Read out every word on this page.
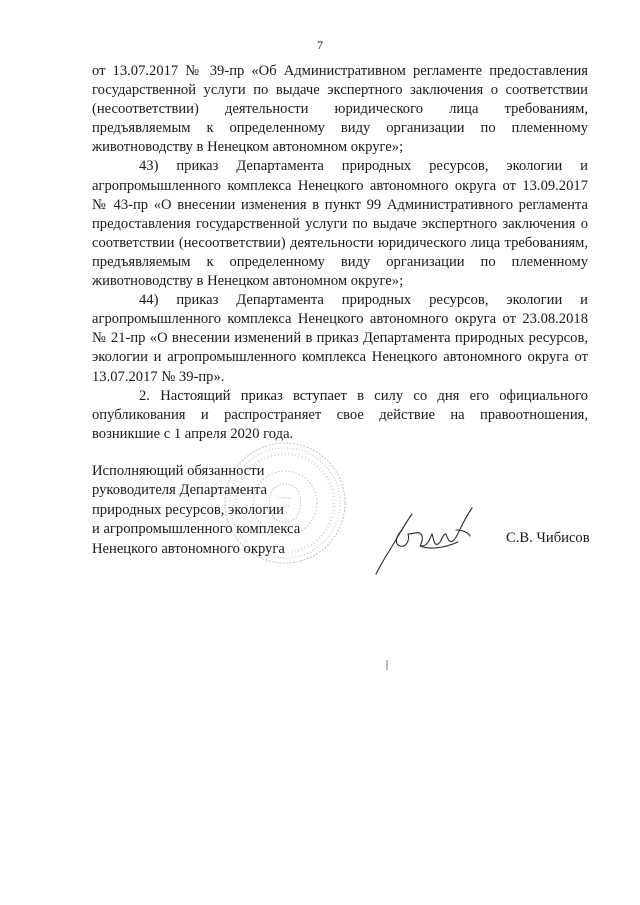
7

от 13.07.2017 № 39-пр «Об Административном регламенте предоставления государственной услуги по выдаче экспертного заключения о соответствии (несоответствии) деятельности юридического лица требованиям, предъявляемым к определенному виду организации по племенному животноводству в Ненецком автономном округе»;

43) приказ Департамента природных ресурсов, экологии и агропромышленного комплекса Ненецкого автономного округа от 13.09.2017 № 43-пр «О внесении изменения в пункт 99 Административного регламента предоставления государственной услуги по выдаче экспертного заключения о соответствии (несоответствии) деятельности юридического лица требованиям, предъявляемым к определенному виду организации по племенному животноводству в Ненецком автономном округе»;

44) приказ Департамента природных ресурсов, экологии и агропромышленного комплекса Ненецкого автономного округа от 23.08.2018 № 21-пр «О внесении изменений в приказ Департамента природных ресурсов, экологии и агропромышленного комплекса Ненецкого автономного округа от 13.07.2017 № 39-пр».

2. Настоящий приказ вступает в силу со дня его официального опубликования и распространяет свое действие на правоотношения, возникшие с 1 апреля 2020 года.

Исполняющий обязанности
руководителя Департамента
природных ресурсов, экологии
и агропромышленного комплекса
Ненецкого автономного округа
С.В. Чибисов
